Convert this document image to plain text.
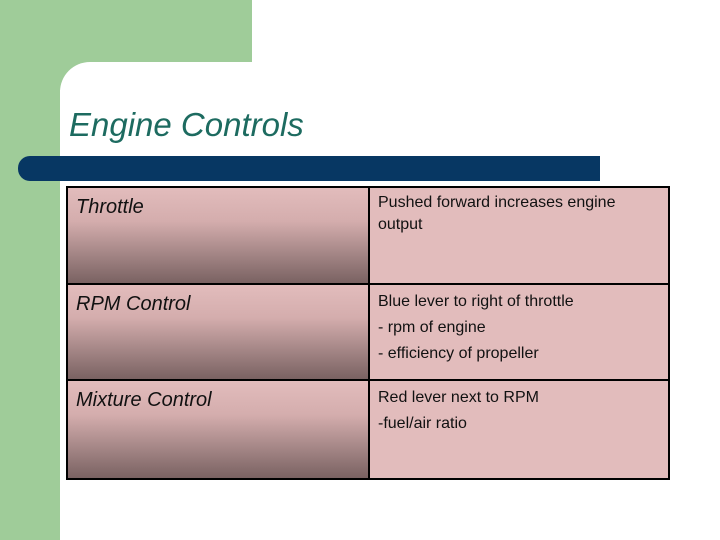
Engine Controls
Throttle	Pushed forward increases engine output
RPM Control	Blue lever to right of throttle
- rpm of engine
- efficiency of propeller
Mixture Control	Red lever next to RPM
-fuel/air ratio
